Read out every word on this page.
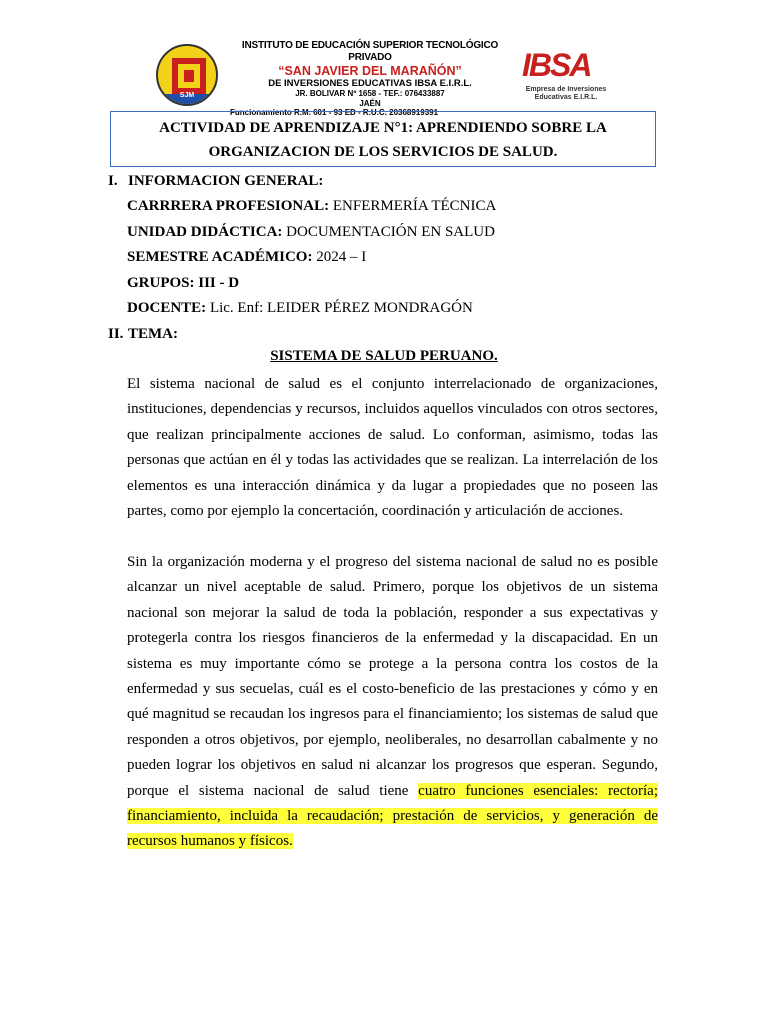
SJM
INSTITUTO DE EDUCACIÓN SUPERIOR TECNOLÓGICO PRIVADO
“SAN JAVIER DEL MARAÑÓN”
DE INVERSIONES EDUCATIVAS IBSA E.I.R.L.
JR. BOLIVAR Nº 1658 - TEF.: 076433887
JAÉN
Funcionamiento R.M. 601 - 93 ED - R.U.C. 20368919391
IBSA
Empresa de Inversiones Educativas E.I.R.L.
ACTIVIDAD DE APRENDIZAJE N°1: APRENDIENDO SOBRE LA
ORGANIZACION DE LOS SERVICIOS DE SALUD.
I. INFORMACION GENERAL:
CARRRERA PROFESIONAL: ENFERMERÍA TÉCNICA
UNIDAD DIDÁCTICA: DOCUMENTACIÓN EN SALUD
SEMESTRE ACADÉMICO: 2024 – I
GRUPOS: III - D
DOCENTE: Lic. Enf: LEIDER PÉREZ MONDRAGÓN
II. TEMA:
SISTEMA DE SALUD PERUANO.

El sistema nacional de salud es el conjunto interrelacionado de organizaciones, instituciones, dependencias y recursos, incluidos aquellos vinculados con otros sectores, que realizan principalmente acciones de salud. Lo conforman, asimismo, todas las personas que actúan en él y todas las actividades que se realizan. La interrelación de los elementos es una interacción dinámica y da lugar a propiedades que no poseen las partes, como por ejemplo la concertación, coordinación y articulación de acciones.

Sin la organización moderna y el progreso del sistema nacional de salud no es posible alcanzar un nivel aceptable de salud. Primero, porque los objetivos de un sistema nacional son mejorar la salud de toda la población, responder a sus expectativas y protegerla contra los riesgos financieros de la enfermedad y la discapacidad. En un sistema es muy importante cómo se protege a la persona contra los costos de la enfermedad y sus secuelas, cuál es el costo-beneficio de las prestaciones y cómo y en qué magnitud se recaudan los ingresos para el financiamiento; los sistemas de salud que responden a otros objetivos, por ejemplo, neoliberales, no desarrollan cabalmente y no pueden lograr los objetivos en salud ni alcanzar los progresos que esperan. Segundo, porque el sistema nacional de salud tiene cuatro funciones esenciales: rectoría; financiamiento, incluida la recaudación; prestación de servicios, y generación de recursos humanos y físicos.
